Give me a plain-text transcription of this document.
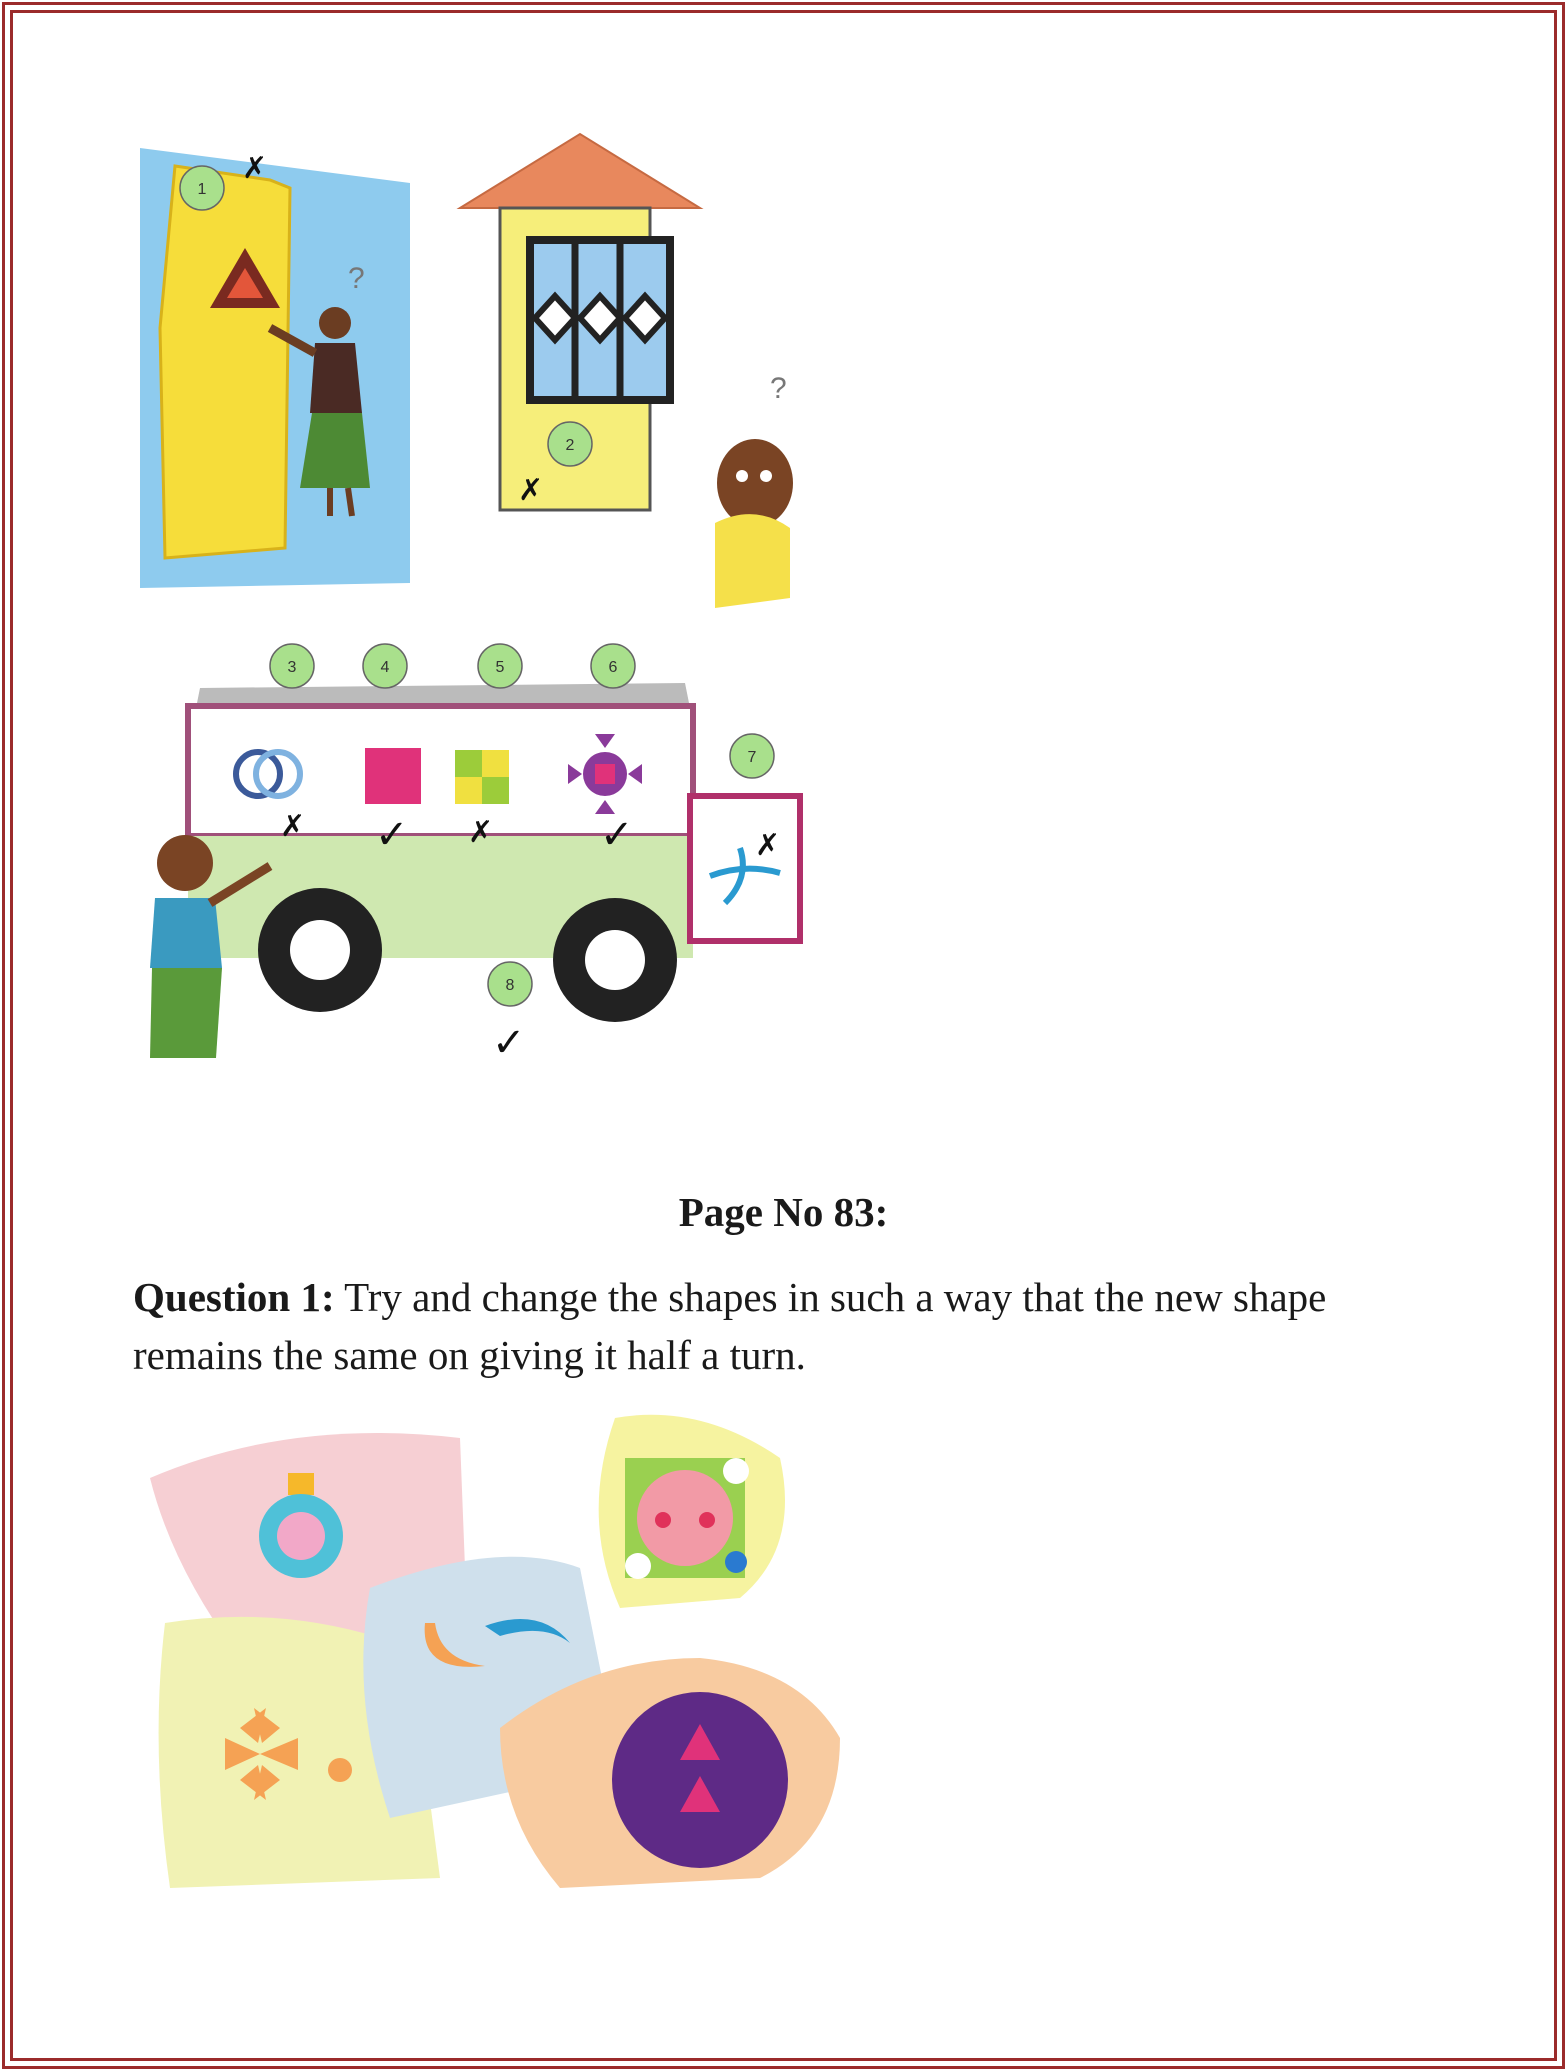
?
?
1
2
3	4	5	6
7
8
✗
✗
✗ ✓ ✗	✓	✗
✓
Page No 83:
Question 1: Try and change the shapes in such a way that the new shape remains the same on giving it half a turn.
